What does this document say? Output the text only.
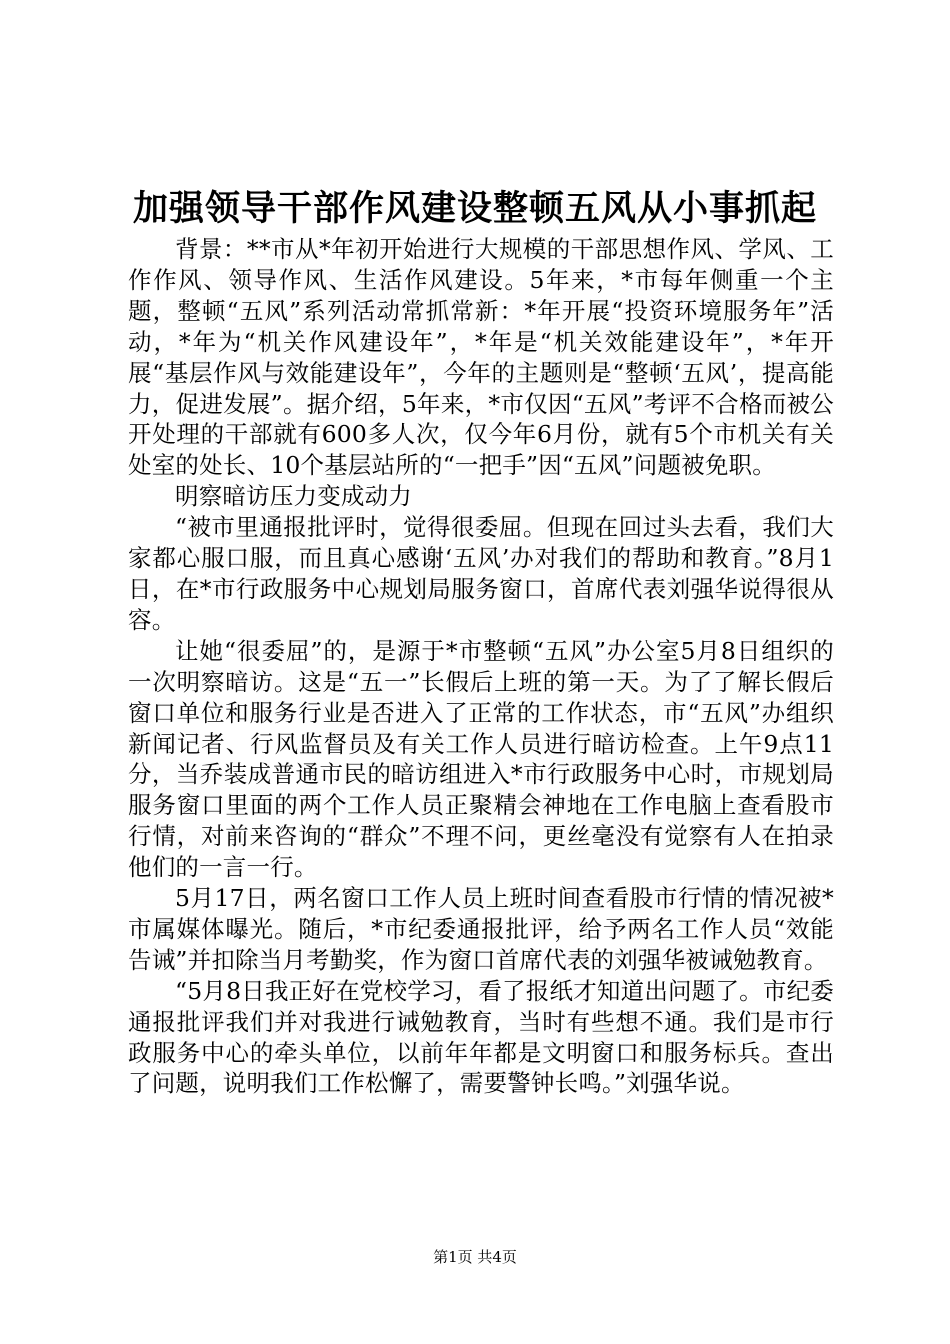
加强领导干部作风建设整顿五风从小事抓起

背景：**市从*年初开始进行大规模的干部思想作风、学风、工作作风、领导作风、生活作风建设。5年来，*市每年侧重一个主题，整顿“五风”系列活动常抓常新：*年开展“投资环境服务年”活动，*年为“机关作风建设年”，*年是“机关效能建设年”，*年开展“基层作风与效能建设年”，今年的主题则是“整顿‘五风’，提高能力，促进发展”。据介绍，5年来，*市仅因“五风”考评不合格而被公开处理的干部就有600多人次，仅今年6月份，就有5个市机关有关处室的处长、10个基层站所的“一把手”因“五风”问题被免职。

明察暗访压力变成动力

“被市里通报批评时，觉得很委屈。但现在回过头去看，我们大家都心服口服，而且真心感谢‘五风’办对我们的帮助和教育。”8月1日，在*市行政服务中心规划局服务窗口，首席代表刘强华说得很从容。

让她“很委屈”的，是源于*市整顿“五风”办公室5月8日组织的一次明察暗访。这是“五一”长假后上班的第一天。为了了解长假后窗口单位和服务行业是否进入了正常的工作状态，市“五风”办组织新闻记者、行风监督员及有关工作人员进行暗访检查。上午9点11分，当乔装成普通市民的暗访组进入*市行政服务中心时，市规划局服务窗口里面的两个工作人员正聚精会神地在工作电脑上查看股市行情，对前来咨询的“群众”不理不问，更丝毫没有觉察有人在拍录他们的一言一行。

5月17日，两名窗口工作人员上班时间查看股市行情的情况被*市属媒体曝光。随后，*市纪委通报批评，给予两名工作人员“效能告诫”并扣除当月考勤奖，作为窗口首席代表的刘强华被诫勉教育。

“5月8日我正好在党校学习，看了报纸才知道出问题了。市纪委通报批评我们并对我进行诫勉教育，当时有些想不通。我们是市行政服务中心的牵头单位，以前年年都是文明窗口和服务标兵。查出了问题，说明我们工作松懈了，需要警钟长鸣。”刘强华说。

第1页 共4页
